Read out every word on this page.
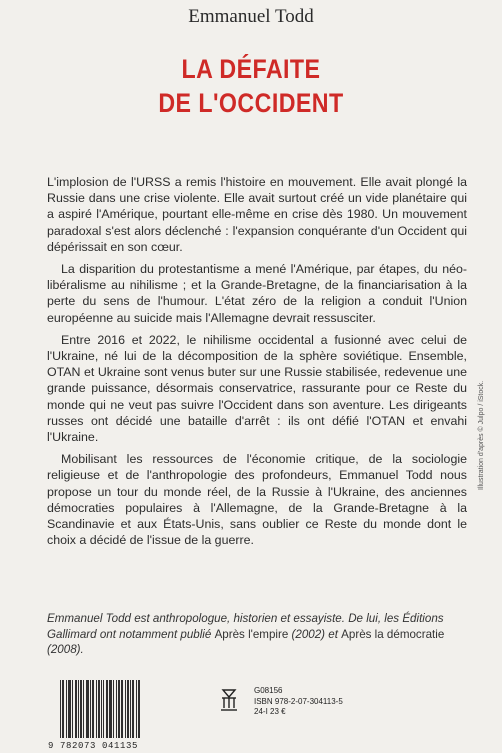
Emmanuel Todd
LA DÉFAITE
DE L'OCCIDENT

L'implosion de l'URSS a remis l'histoire en mouvement. Elle avait plongé la Russie dans une crise violente. Elle avait surtout créé un vide planétaire qui a aspiré l'Amérique, pourtant elle-même en crise dès 1980. Un mouvement paradoxal s'est alors déclenché : l'expansion conquérante d'un Occident qui dépérissait en son cœur.

La disparition du protestantisme a mené l'Amérique, par étapes, du néo-libéralisme au nihilisme ; et la Grande-Bretagne, de la financiarisation à la perte du sens de l'humour. L'état zéro de la religion a conduit l'Union européenne au suicide mais l'Allemagne devrait ressusciter.

Entre 2016 et 2022, le nihilisme occidental a fusionné avec celui de l'Ukraine, né lui de la décomposition de la sphère soviétique. Ensemble, OTAN et Ukraine sont venus buter sur une Russie stabilisée, redevenue une grande puissance, désormais conservatrice, rassurante pour ce Reste du monde qui ne veut pas suivre l'Occident dans son aventure. Les dirigeants russes ont décidé une bataille d'arrêt : ils ont défié l'OTAN et envahi l'Ukraine.

Mobilisant les ressources de l'économie critique, de la sociologie religieuse et de l'anthropologie des profondeurs, Emmanuel Todd nous propose un tour du monde réel, de la Russie à l'Ukraine, des anciennes démocraties populaires à l'Allemagne, de la Grande-Bretagne à la Scandinavie et aux États-Unis, sans oublier ce Reste du monde dont le choix a décidé de l'issue de la guerre.

Emmanuel Todd est anthropologue, historien et essayiste. De lui, les Éditions Gallimard ont notamment publié Après l'empire (2002) et Après la démocratie (2008).
Illustration d'après © Julpo / iStock.
9 782073 041135
G08156
ISBN 978-2-07-304113-5
24-I 23 €
